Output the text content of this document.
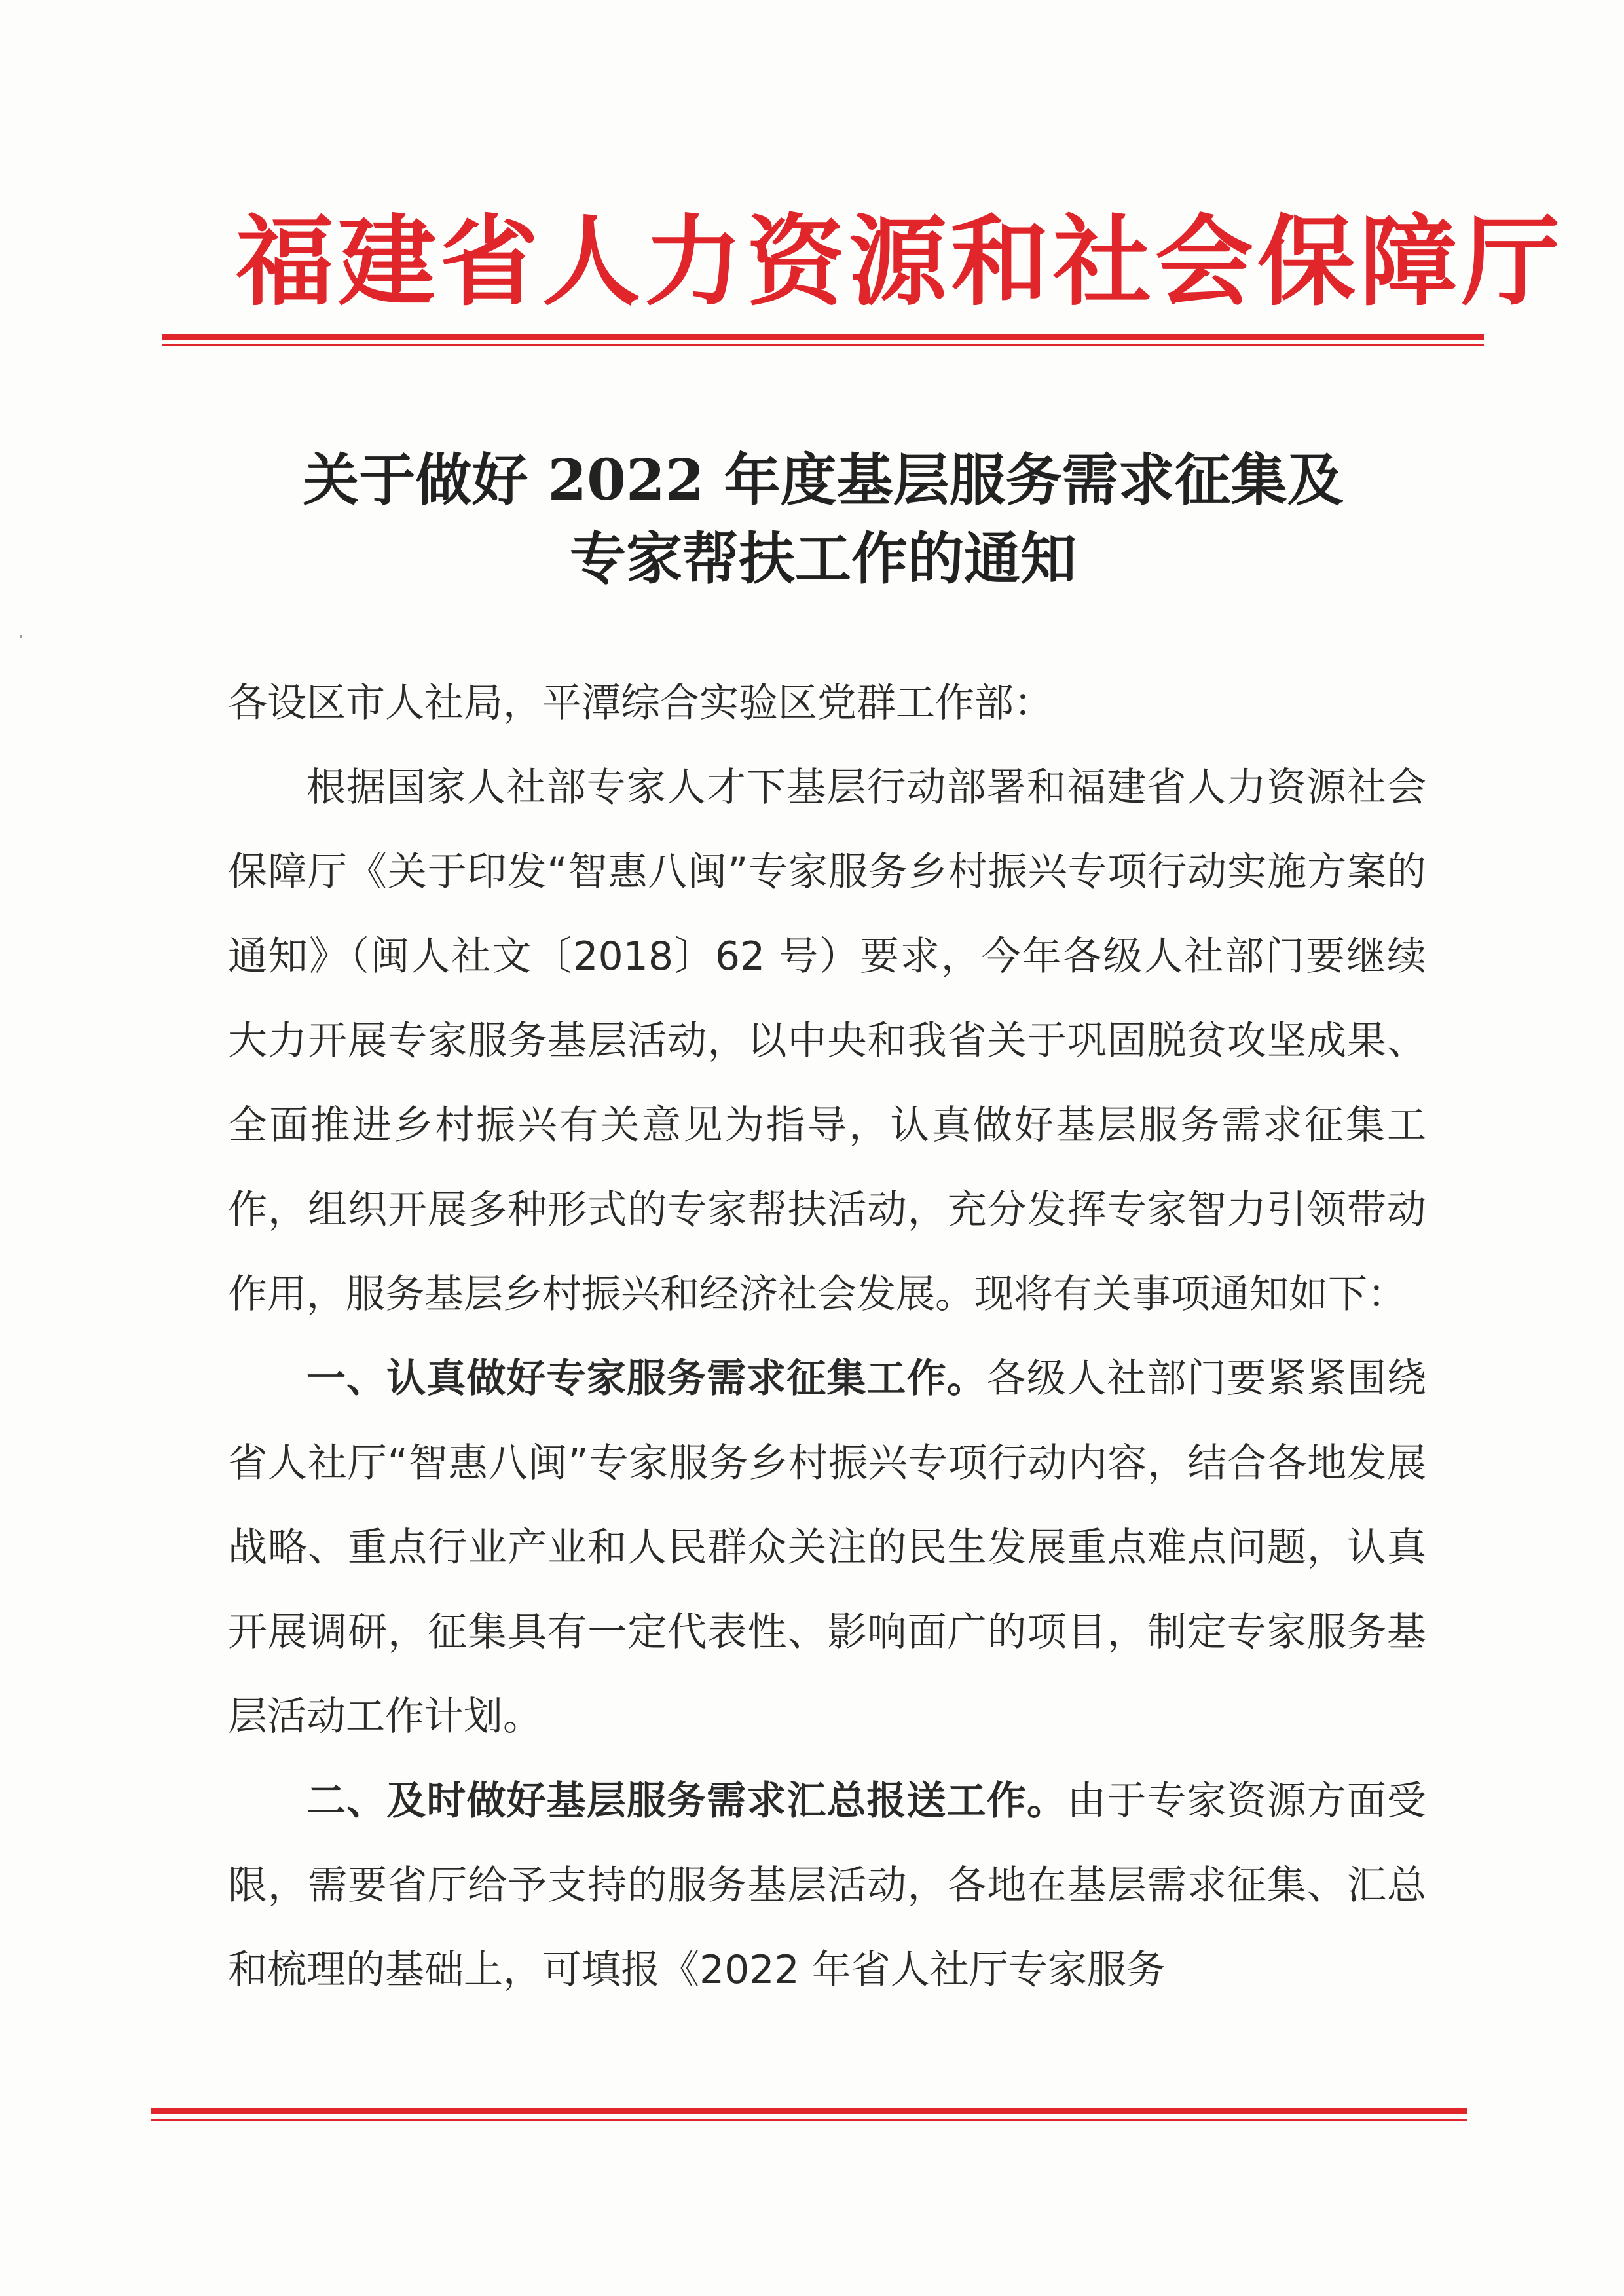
福建省人力资源和社会保障厅
关于做好 2022 年度基层服务需求征集及
专家帮扶工作的通知

各设区市人社局，平潭综合实验区党群工作部：

根据国家人社部专家人才下基层行动部署和福建省人力资源社会保障厅《关于印发“智惠八闽”专家服务乡村振兴专项行动实施方案的通知》（闽人社文〔2018〕62 号）要求，今年各级人社部门要继续大力开展专家服务基层活动，以中央和我省关于巩固脱贫攻坚成果、全面推进乡村振兴有关意见为指导，认真做好基层服务需求征集工作，组织开展多种形式的专家帮扶活动，充分发挥专家智力引领带动作用，服务基层乡村振兴和经济社会发展。现将有关事项通知如下：

一、认真做好专家服务需求征集工作。各级人社部门要紧紧围绕省人社厅“智惠八闽”专家服务乡村振兴专项行动内容，结合各地发展战略、重点行业产业和人民群众关注的民生发展重点难点问题，认真开展调研，征集具有一定代表性、影响面广的项目，制定专家服务基层活动工作计划。

二、及时做好基层服务需求汇总报送工作。由于专家资源方面受限，需要省厅给予支持的服务基层活动，各地在基层需求征集、汇总和梳理的基础上，可填报《2022 年省人社厅专家服务
